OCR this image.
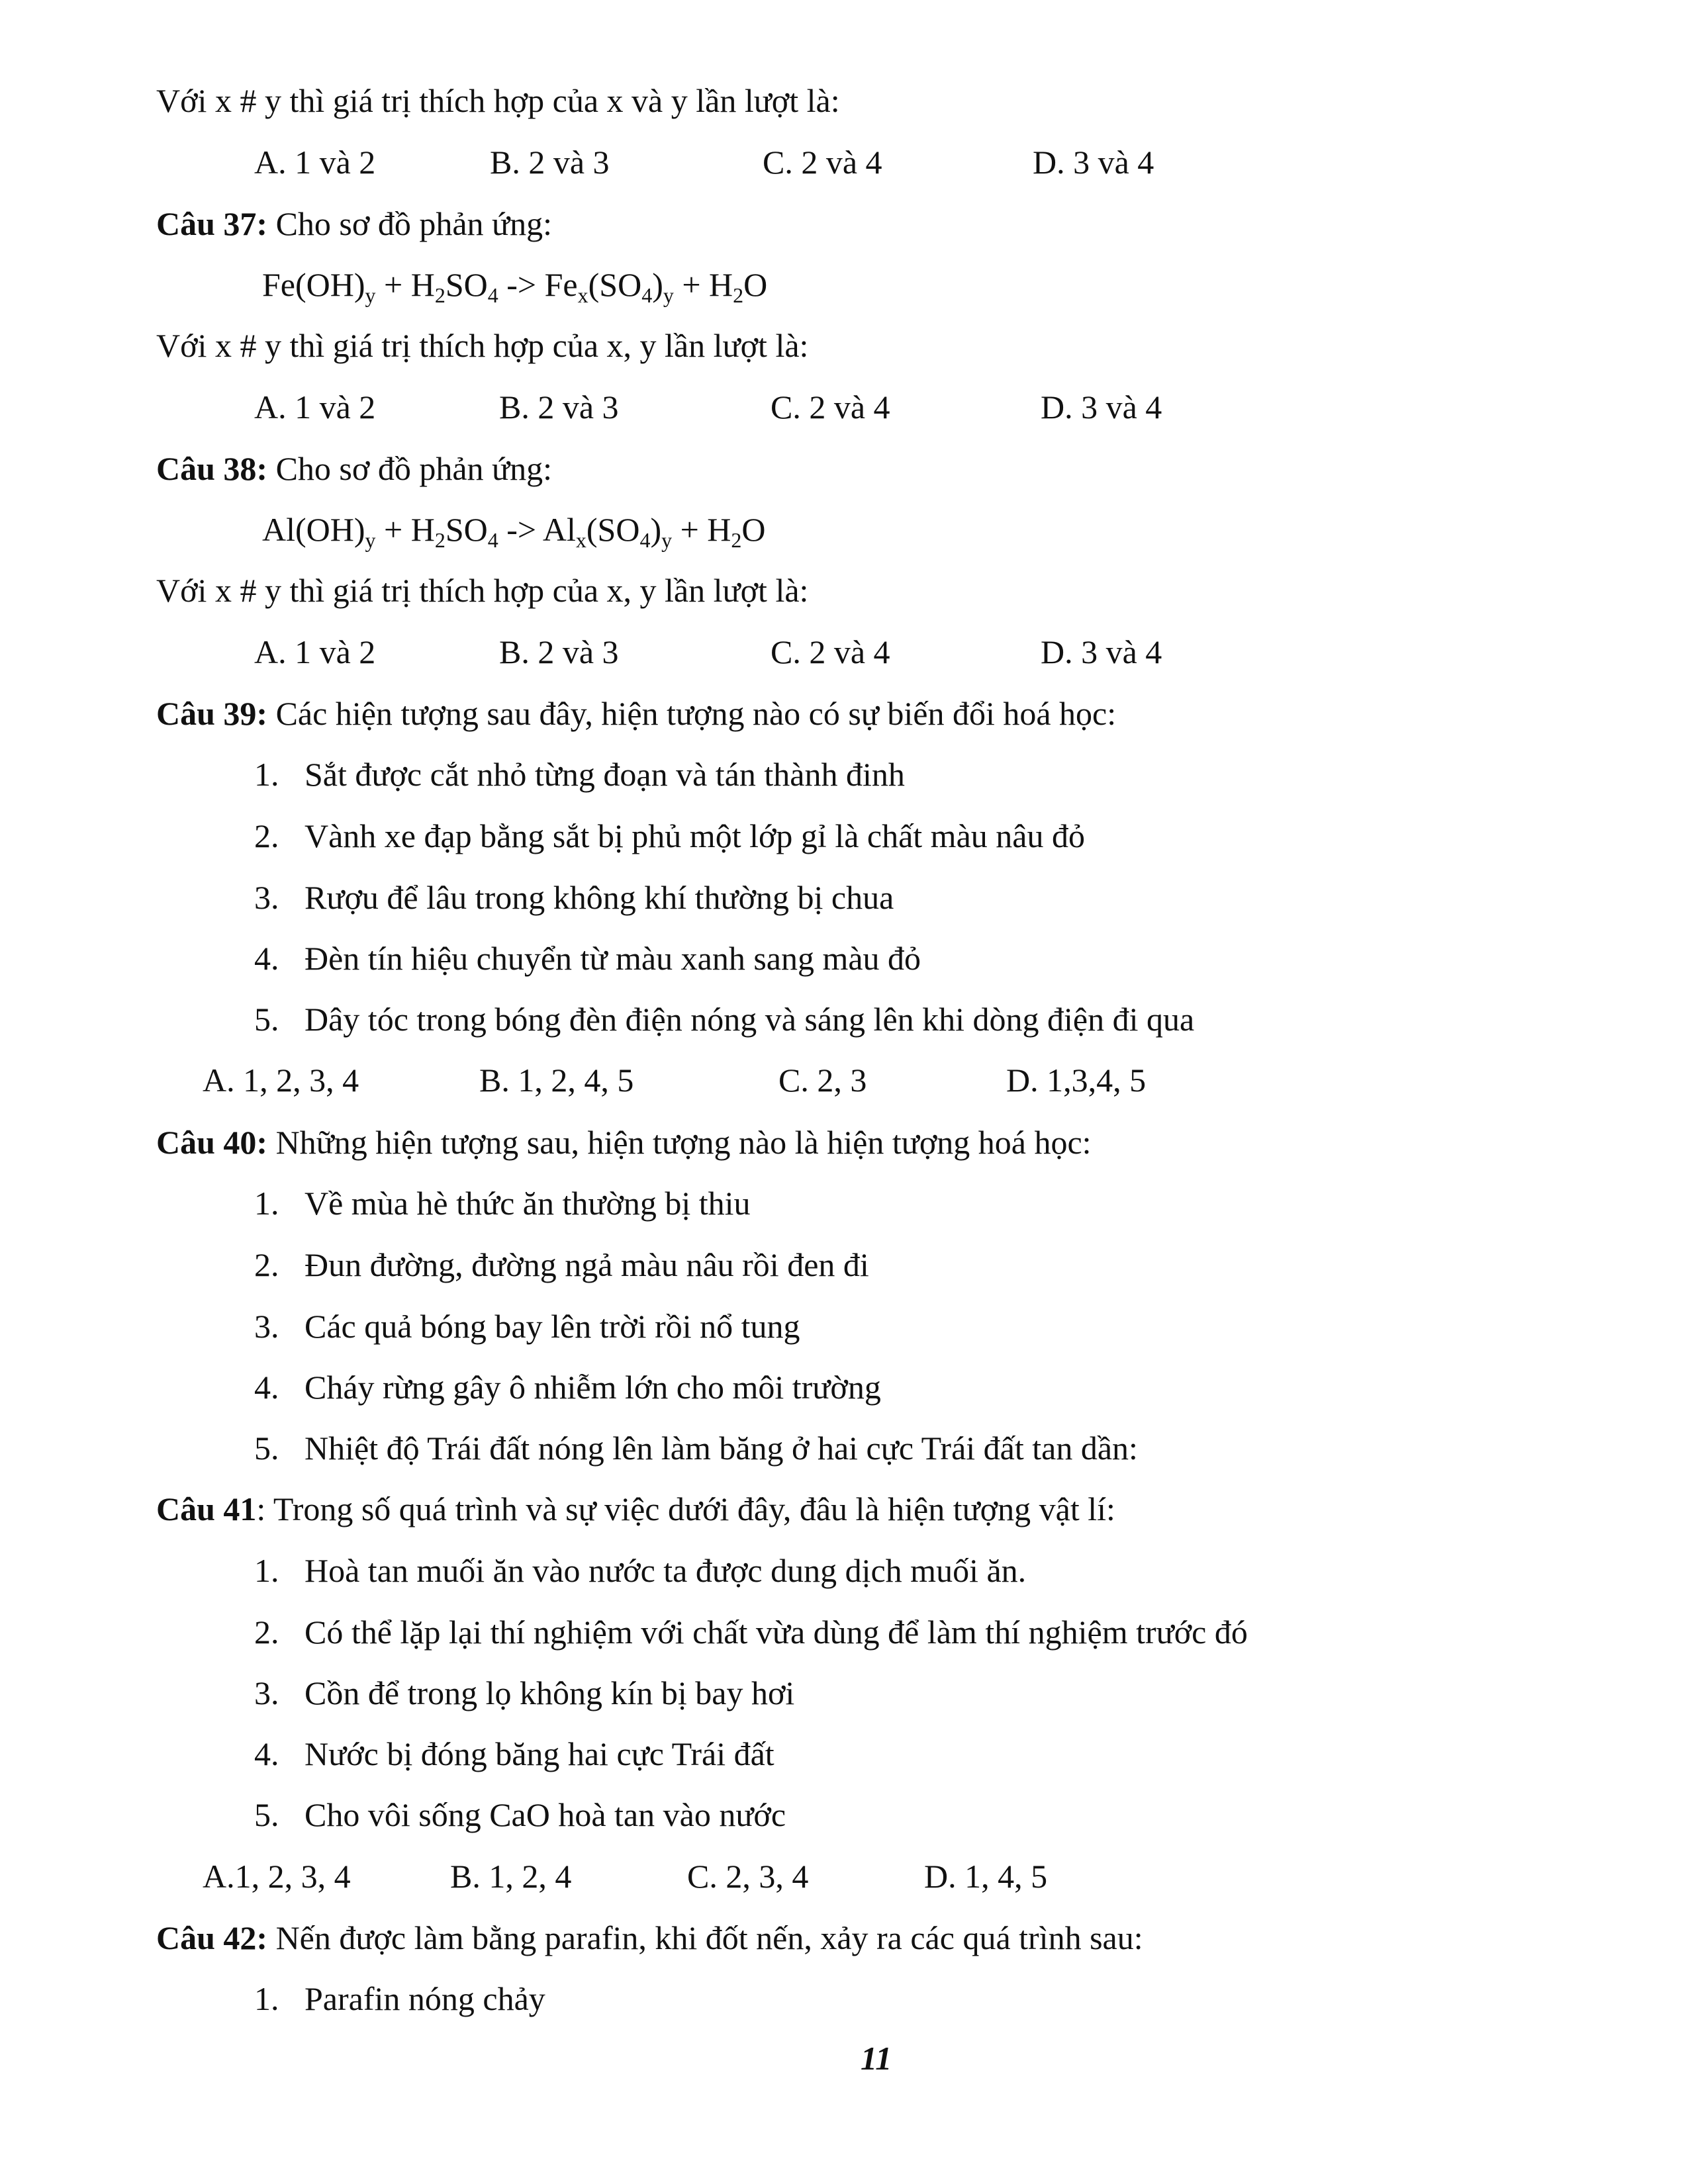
Với x # y thì giá trị thích hợp của x và y lần lượt là:
A. 1 và 2	B. 2 và 3	C. 2 và 4	D. 3 và 4
Câu 37: Cho sơ đồ phản ứng:
$Fe(OH)_y + H_2SO_4 -> Fe_x(SO_4)_y + H_2O$
Với x # y thì giá trị thích hợp của x, y lần lượt là:
A. 1 và 2	B. 2 và 3	C. 2 và 4	D. 3 và 4
Câu 38: Cho sơ đồ phản ứng:
$Al(OH)_y + H_2SO_4 -> Al_x(SO_4)_y + H_2O$
Với x # y thì giá trị thích hợp của x, y lần lượt là:
A. 1 và 2	B. 2 và 3	C. 2 và 4	D. 3 và 4
Câu 39: Các hiện tượng sau đây, hiện tượng nào có sự biến đổi hoá học:
1. Sắt được cắt nhỏ từng đoạn và tán thành đinh
2. Vành xe đạp bằng sắt bị phủ một lớp gỉ là chất màu nâu đỏ
3. Rượu để lâu trong không khí thường bị chua
4. Đèn tín hiệu chuyển từ màu xanh sang màu đỏ
5. Dây tóc trong bóng đèn điện nóng và sáng lên khi dòng điện đi qua
A. 1, 2, 3, 4	B. 1, 2, 4, 5	C. 2, 3	D. 1,3,4, 5
Câu 40: Những hiện tượng sau, hiện tượng nào là hiện tượng hoá học:
1. Về mùa hè thức ăn thường bị thiu
2. Đun đường, đường ngả màu nâu rồi đen đi
3. Các quả bóng bay lên trời rồi nổ tung
4. Cháy rừng gây ô nhiễm lớn cho môi trường
5. Nhiệt độ Trái đất nóng lên làm băng ở hai cực Trái đất tan dần:
Câu 41: Trong số quá trình và sự việc dưới đây, đâu là hiện tượng vật lí:
1. Hoà tan muối ăn vào nước ta được dung dịch muối ăn.
2. Có thể lặp lại thí nghiệm với chất vừa dùng để làm thí nghiệm trước đó
3. Cồn để trong lọ không kín bị bay hơi
4. Nước bị đóng băng hai cực Trái đất
5. Cho vôi sống CaO hoà tan vào nước
A.1, 2, 3, 4	B. 1, 2, 4	C. 2, 3, 4	D. 1, 4, 5
Câu 42: Nến được làm bằng parafin, khi đốt nến, xảy ra các quá trình sau:
1. Parafin nóng chảy
11
